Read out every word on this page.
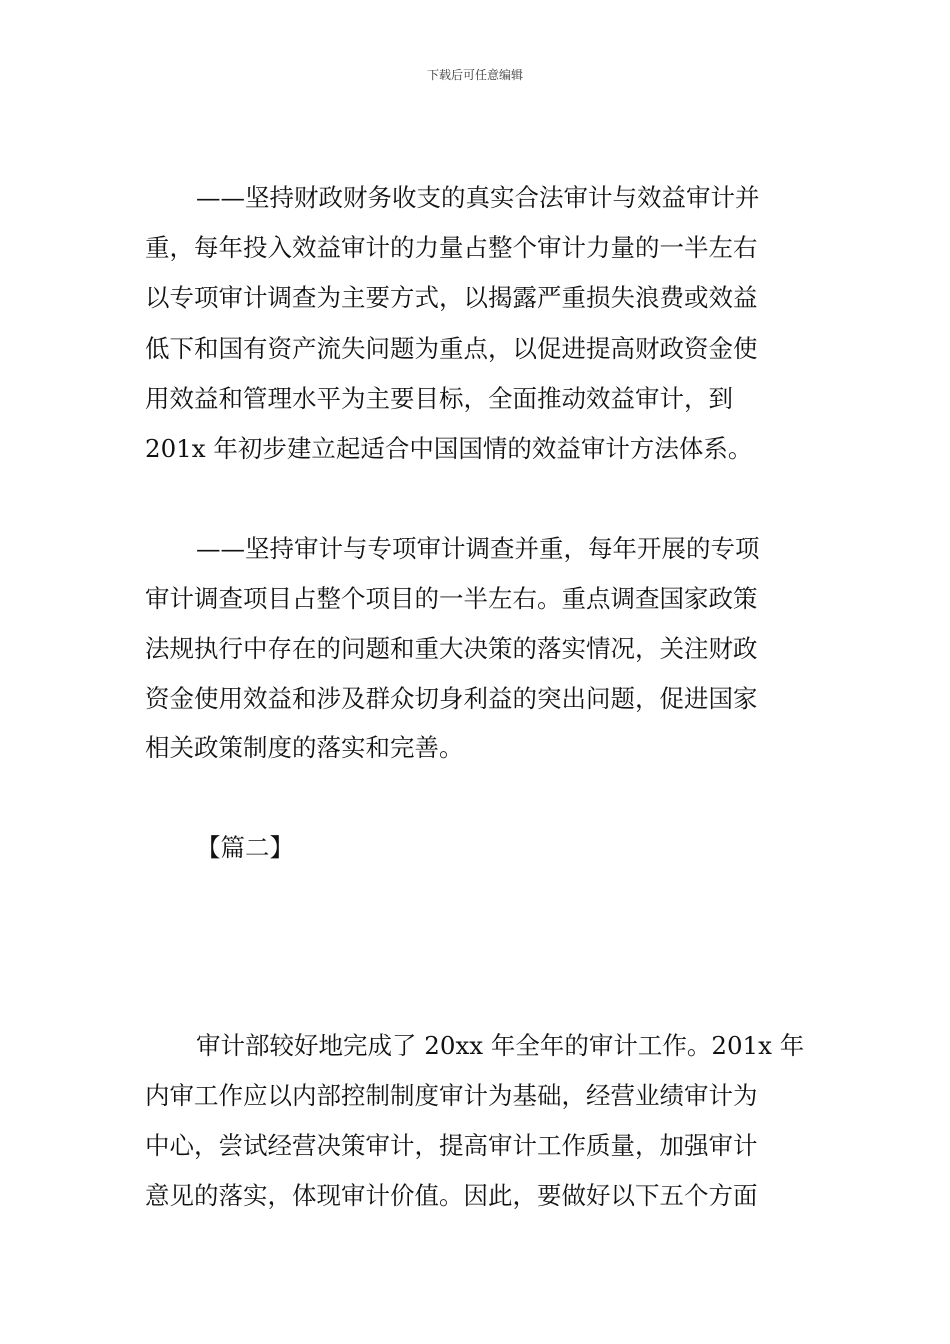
下载后可任意编辑
——坚持财政财务收支的真实合法审计与效益审计并
重，每年投入效益审计的力量占整个审计力量的一半左右
以专项审计调查为主要方式，以揭露严重损失浪费或效益
低下和国有资产流失问题为重点，以促进提高财政资金使
用效益和管理水平为主要目标，全面推动效益审计，到
201x 年初步建立起适合中国国情的效益审计方法体系。
——坚持审计与专项审计调查并重，每年开展的专项
审计调查项目占整个项目的一半左右。重点调查国家政策
法规执行中存在的问题和重大决策的落实情况，关注财政
资金使用效益和涉及群众切身利益的突出问题，促进国家
相关政策制度的落实和完善。
【篇二】
审计部较好地完成了 20xx 年全年的审计工作。201x 年
内审工作应以内部控制制度审计为基础，经营业绩审计为
中心，尝试经营决策审计，提高审计工作质量，加强审计
意见的落实，体现审计价值。因此，要做好以下五个方面
